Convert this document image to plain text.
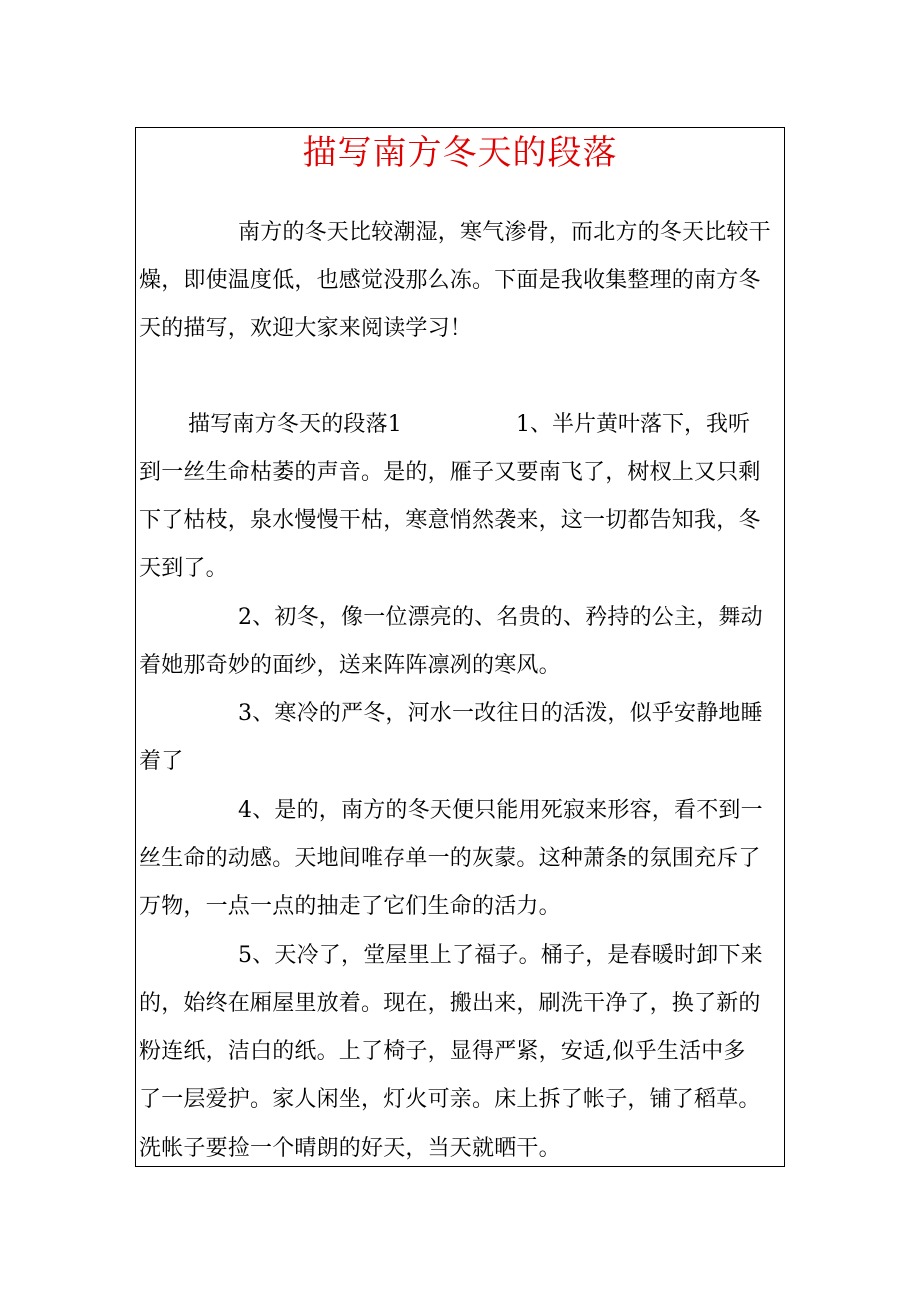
描写南方冬天的段落
南方的冬天比较潮湿，寒气渗骨，而北方的冬天比较干
燥，即使温度低，也感觉没那么冻。下面是我收集整理的南方冬
天的描写，欢迎大家来阅读学习！
描写南方冬天的段落1	1、半片黄叶落下，我听
到一丝生命枯萎的声音。是的，雁子又要南飞了，树杈上又只剩
下了枯枝，泉水慢慢干枯，寒意悄然袭来，这一切都告知我，冬
天到了。
2、初冬，像一位漂亮的、名贵的、矜持的公主，舞动
着她那奇妙的面纱，送来阵阵凛冽的寒风。
3、寒冷的严冬，河水一改往日的活泼，似乎安静地睡
着了
4、是的，南方的冬天便只能用死寂来形容，看不到一
丝生命的动感。天地间唯存单一的灰蒙。这种萧条的氛围充斥了
万物，一点一点的抽走了它们生命的活力。
5、天冷了，堂屋里上了福子。桶子，是春暖时卸下来
的，始终在厢屋里放着。现在，搬出来，刷洗干净了，换了新的
粉连纸，洁白的纸。上了椅子，显得严紧，安适,似乎生活中多
了一层爱护。家人闲坐，灯火可亲。床上拆了帐子，铺了稻草。
洗帐子要捡一个晴朗的好天，当天就晒干。
